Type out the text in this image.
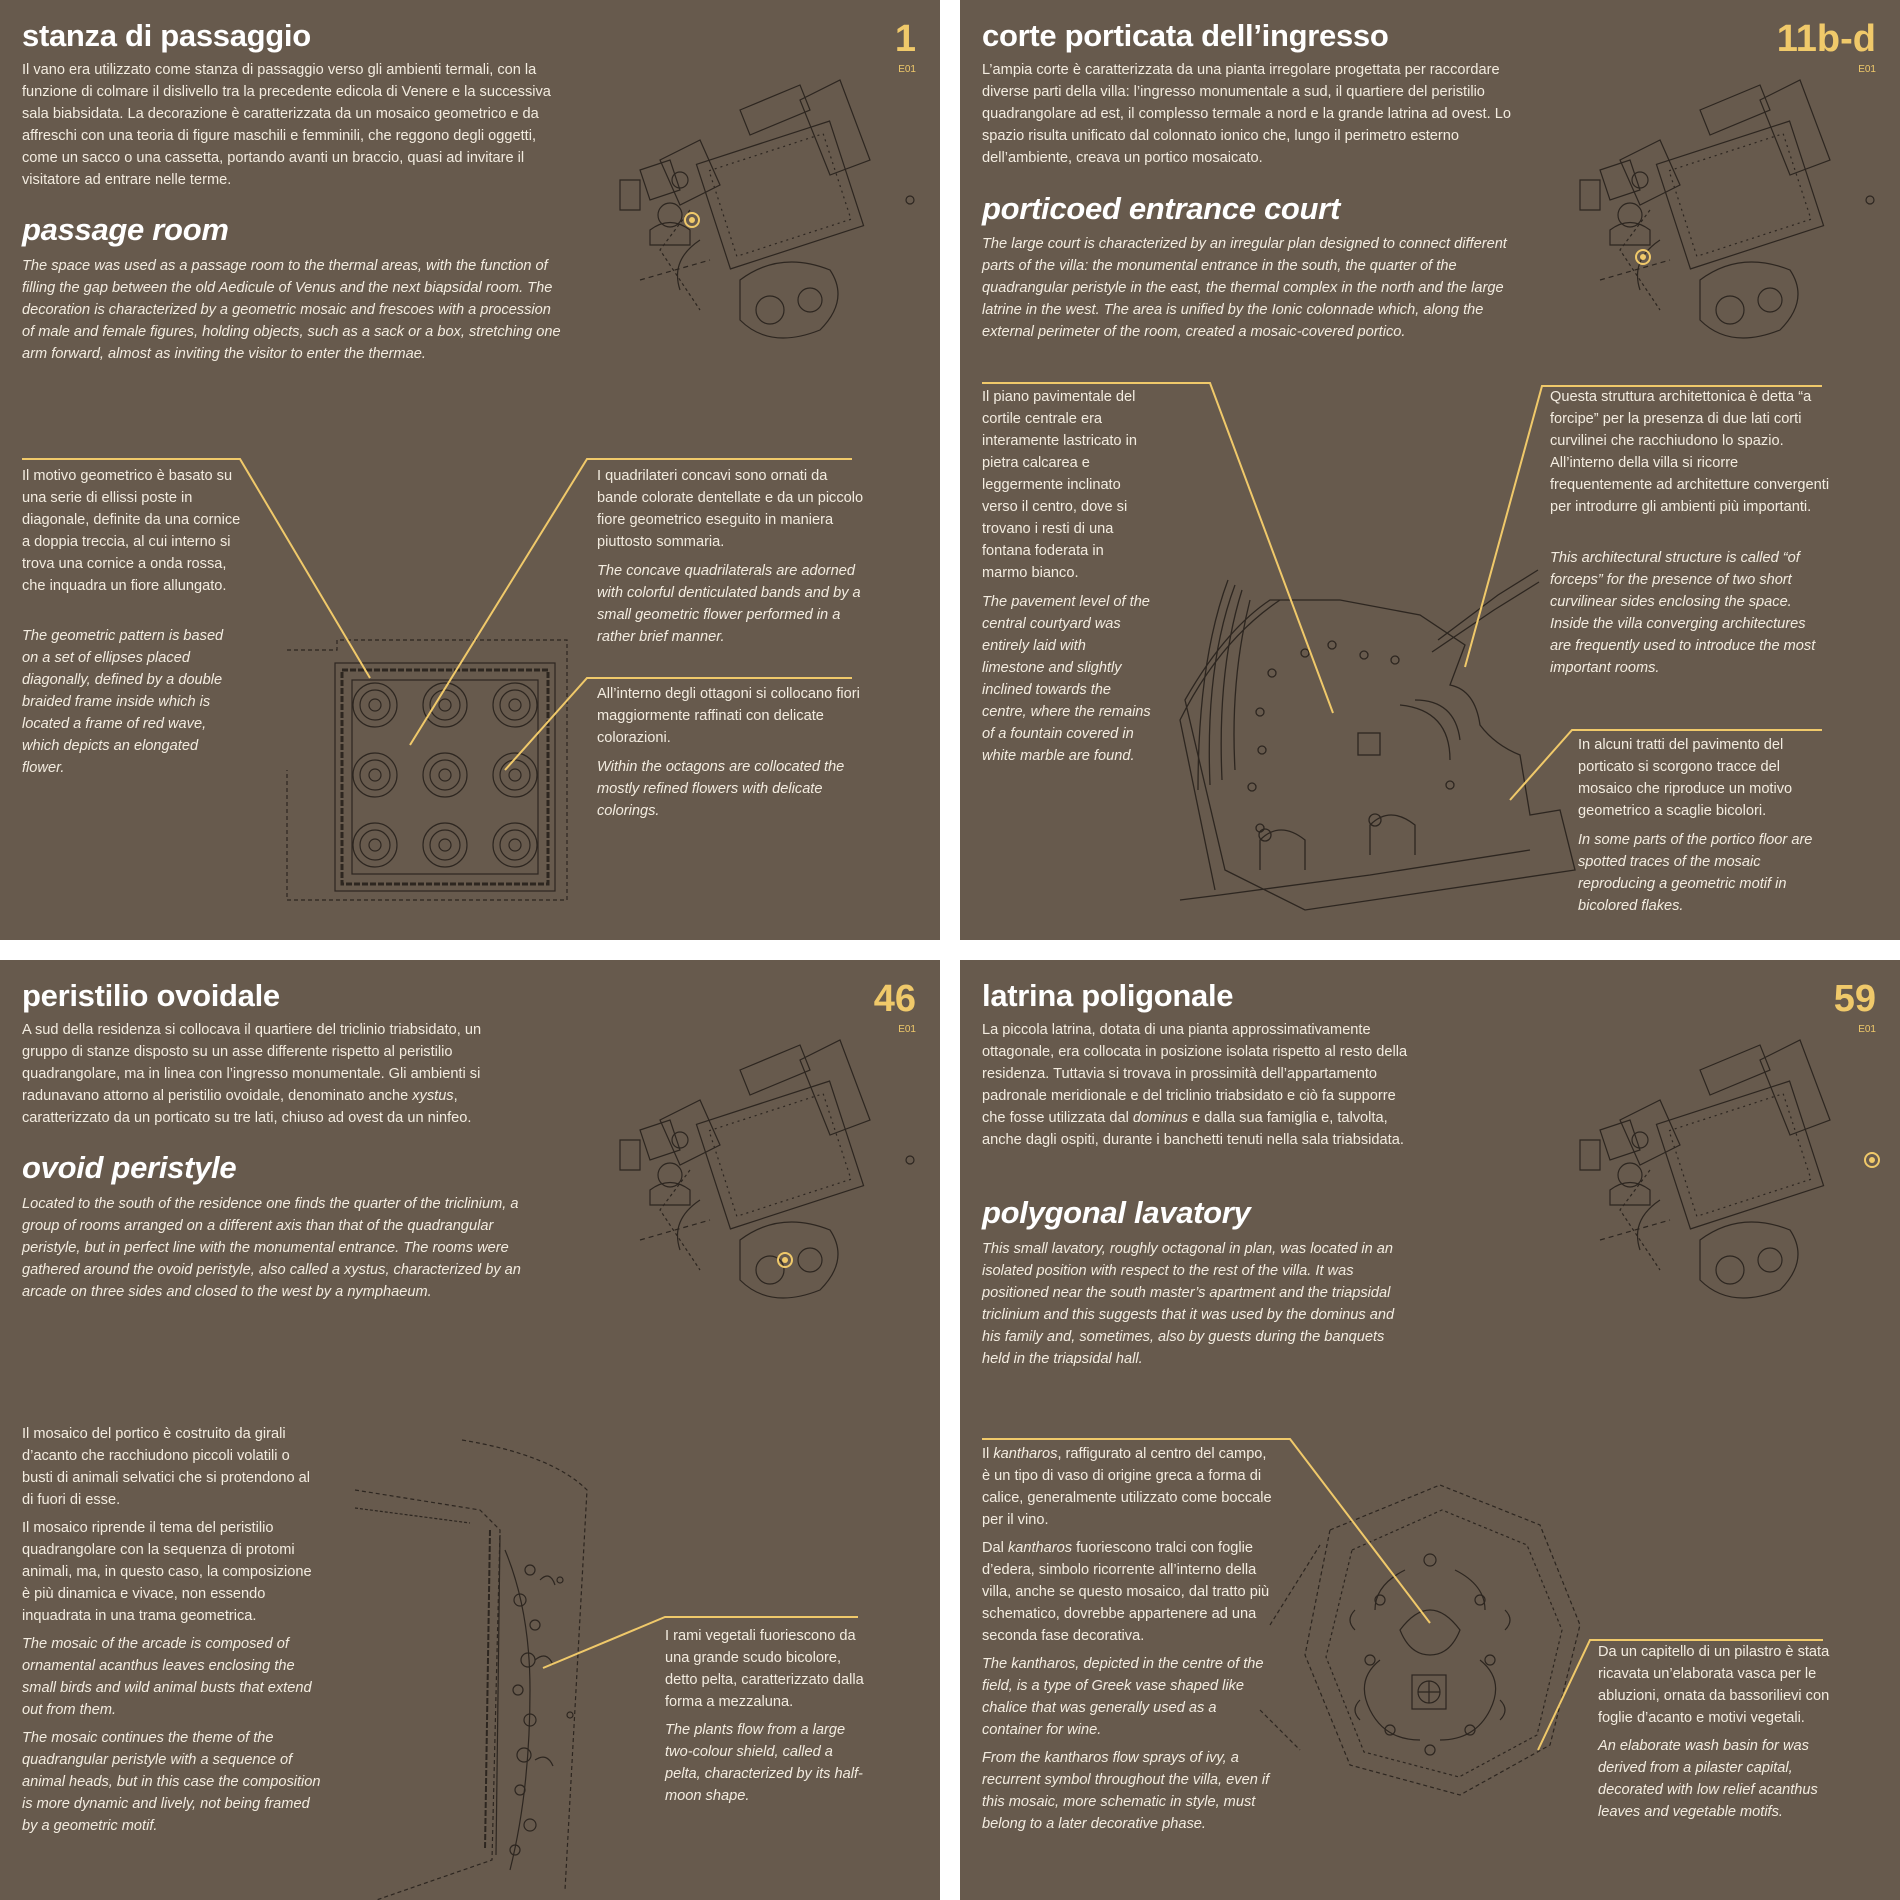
stanza di passaggio	1
E01

Il vano era utilizzato come stanza di passaggio verso gli ambienti termali, con la funzione di colmare il dislivello tra la precedente edicola di Venere e la successiva sala biabsidata. La decorazione è caratterizzata da un mosaico geometrico e da affreschi con una teoria di figure maschili e femminili, che reggono degli oggetti, come un sacco o una cassetta, portando avanti un braccio, quasi ad invitare il visitatore ad entrare nelle terme.

passage room

The space was used as a passage room to the thermal areas, with the function of filling the gap between the old Aedicule of Venus and the next biapsidal room. The decoration is characterized by a geometric mosaic and frescoes with a procession of male and female figures, holding objects, such as a sack or a box, stretching one arm forward, almost as inviting the visitor to enter the thermae.

Il motivo geometrico è basato su una serie di ellissi poste in diagonale, definite da una cornice a doppia treccia, al cui interno si trova una cornice a onda rossa, che inquadra un fiore allungato.

The geometric pattern is based on a set of ellipses placed diagonally, defined by a double braided frame inside which is located a frame of red wave, which depicts an elongated flower.

I quadrilateri concavi sono ornati da bande colorate dentellate e da un piccolo fiore geometrico eseguito in maniera piuttosto sommaria.

The concave quadrilaterals are adorned with colorful denticulated bands and by a small geometric flower performed in a rather brief manner.

All’interno degli ottagoni si collocano fiori maggiormente raffinati con delicate colorazioni.

Within the octagons are collocated the mostly refined flowers with delicate colorings.

corte porticata dell’ingresso	11b-d
E01

L’ampia corte è caratterizzata da una pianta irregolare progettata per raccordare diverse parti della villa: l’ingresso monumentale a sud, il quartiere del peristilio quadrangolare ad est, il complesso termale a nord e la grande latrina ad ovest. Lo spazio risulta unificato dal colonnato ionico che, lungo il perimetro esterno dell’ambiente, creava un portico mosaicato.

porticoed entrance court

The large court is characterized by an irregular plan designed to connect different parts of the villa: the monumental entrance in the south, the quarter of the quadrangular peristyle in the east, the thermal complex in the north and the large latrine in the west. The area is unified by the Ionic colonnade which, along the external perimeter of the room, created a mosaic-covered portico.

Il piano pavimentale del cortile centrale era interamente lastricato in pietra calcarea e leggermente inclinato verso il centro, dove si trovano i resti di una fontana foderata in marmo bianco.

The pavement level of the central courtyard was entirely laid with limestone and slightly inclined towards the centre, where the remains of a fountain covered in white marble are found.

Questa struttura architettonica è detta “a forcipe” per la presenza di due lati corti curvilinei che racchiudono lo spazio. All’interno della villa si ricorre frequentemente ad architetture convergenti per introdurre gli ambienti più importanti.

This architectural structure is called “of forceps” for the presence of two short curvilinear sides enclosing the space. Inside the villa converging architectures are frequently used to introduce the most important rooms.

In alcuni tratti del pavimento del porticato si scorgono tracce del mosaico che riproduce un motivo geometrico a scaglie bicolori.

In some parts of the portico floor are spotted traces of the mosaic reproducing a geometric motif in bicolored flakes.

peristilio ovoidale	46
E01

A sud della residenza si collocava il quartiere del triclinio triabsidato, un gruppo di stanze disposto su un asse differente rispetto al peristilio quadrangolare, ma in linea con l’ingresso monumentale. Gli ambienti si radunavano attorno al peristilio ovoidale, denominato anche xystus, caratterizzato da un porticato su tre lati, chiuso ad ovest da un ninfeo.

ovoid peristyle

Located to the south of the residence one finds the quarter of the triclinium, a group of rooms arranged on a different axis than that of the quadrangular peristyle, but in perfect line with the monumental entrance. The rooms were gathered around the ovoid peristyle, also called a xystus, characterized by an arcade on three sides and closed to the west by a nymphaeum.

Il mosaico del portico è costruito da girali d’acanto che racchiudono piccoli volatili o busti di animali selvatici che si protendono al di fuori di esse.

Il mosaico riprende il tema del peristilio quadrangolare con la sequenza di protomi animali, ma, in questo caso, la composizione è più dinamica e vivace, non essendo inquadrata in una trama geometrica.

The mosaic of the arcade is composed of ornamental acanthus leaves enclosing the small birds and wild animal busts that extend out from them.

The mosaic continues the theme of the quadrangular peristyle with a sequence of animal heads, but in this case the composition is more dynamic and lively, not being framed by a geometric motif.

I rami vegetali fuoriescono da una grande scudo bicolore, detto pelta, caratterizzato dalla forma a mezzaluna.

The plants flow from a large two-colour shield, called a pelta, characterized by its half-moon shape.

latrina poligonale	59
E01

La piccola latrina, dotata di una pianta approssimativamente ottagonale, era collocata in posizione isolata rispetto al resto della residenza. Tuttavia si trovava in prossimità dell’appartamento padronale meridionale e del triclinio triabsidato e ciò fa supporre che fosse utilizzata dal dominus e dalla sua famiglia e, talvolta, anche dagli ospiti, durante i banchetti tenuti nella sala triabsidata.

polygonal lavatory

This small lavatory, roughly octagonal in plan, was located in an isolated position with respect to the rest of the villa. It was positioned near the south master’s apartment and the triapsidal triclinium and this suggests that it was used by the dominus and his family and, sometimes, also by guests during the banquets held in the triapsidal hall.

Il kantharos, raffigurato al centro del campo, è un tipo di vaso di origine greca a forma di calice, generalmente utilizzato come boccale per il vino.

Dal kantharos fuoriescono tralci con foglie d’edera, simbolo ricorrente all’interno della villa, anche se questo mosaico, dal tratto più schematico, dovrebbe appartenere ad una seconda fase decorativa.

The kantharos, depicted in the centre of the field, is a type of Greek vase shaped like chalice that was generally used as a container for wine.

From the kantharos flow sprays of ivy, a recurrent symbol throughout the villa, even if this mosaic, more schematic in style, must belong to a later decorative phase.

Da un capitello di un pilastro è stata ricavata un’elaborata vasca per le abluzioni, ornata da bassorilievi con foglie d’acanto e motivi vegetali.

An elaborate wash basin for was derived from a pilaster capital, decorated with low relief acanthus leaves and vegetable motifs.
